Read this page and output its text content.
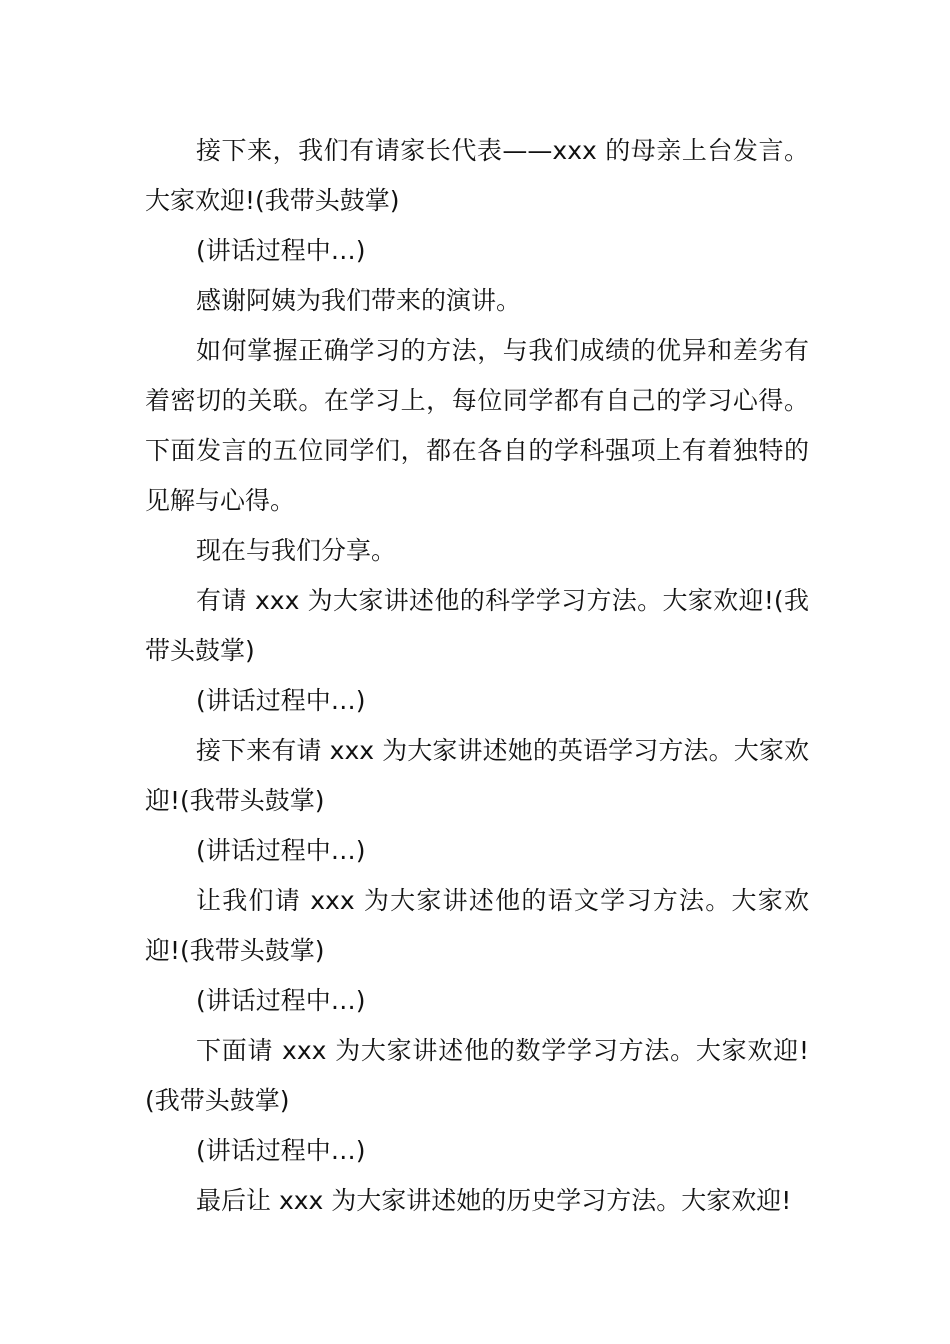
接下来，我们有请家长代表——xxx 的母亲上台发言。大家欢迎!(我带头鼓掌)

(讲话过程中…)

感谢阿姨为我们带来的演讲。

如何掌握正确学习的方法，与我们成绩的优异和差劣有着密切的关联。在学习上，每位同学都有自己的学习心得。下面发言的五位同学们，都在各自的学科强项上有着独特的见解与心得。

现在与我们分享。

有请 xxx 为大家讲述他的科学学习方法。大家欢迎!(我带头鼓掌)

(讲话过程中…)

接下来有请 xxx 为大家讲述她的英语学习方法。大家欢迎!(我带头鼓掌)

(讲话过程中…)

让我们请 xxx 为大家讲述他的语文学习方法。大家欢迎!(我带头鼓掌)

(讲话过程中…)

下面请 xxx 为大家讲述他的数学学习方法。大家欢迎!(我带头鼓掌)

(讲话过程中…)

最后让 xxx 为大家讲述她的历史学习方法。大家欢迎!
